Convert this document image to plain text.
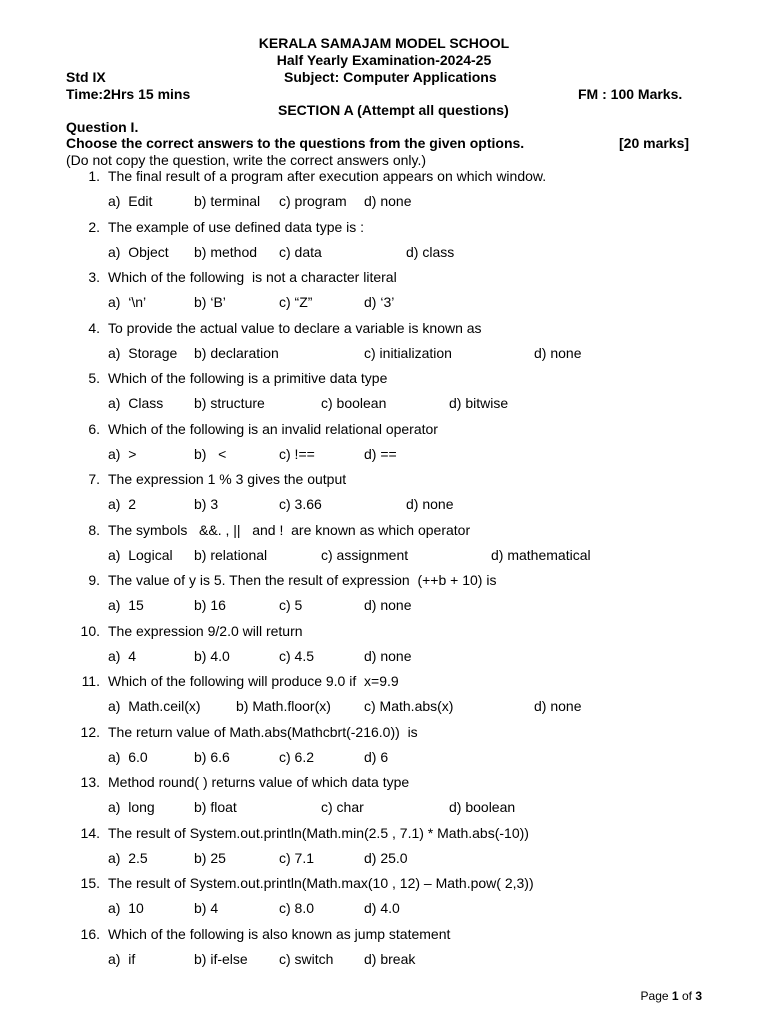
KERALA SAMAJAM MODEL SCHOOL
Half Yearly Examination-2024-25
Std IX	Subject: Computer Applications
Time:2Hrs 15 mins	FM : 100 Marks.
SECTION A (Attempt all questions)
Question I.
Choose the correct answers to the questions from the given options.	[20 marks]
(Do not copy the question, write the correct answers only.)
1. The final result of a program after execution appears on which window.
a)  Edit	b) terminal c) program d) none
2. The example of use defined data type is :
a)  Object b) method c) data	d) class
3. Which of the following  is not a character literal
a)  ‘\n’	b) ‘B’	c) “Z”	d) ‘3’
4. To provide the actual value to declare a variable is known as
a)  Storage b) declaration	c) initialization	d) none
5. Which of the following is a primitive data type
a)  Class b) structure	c) boolean	d) bitwise
6. Which of the following is an invalid relational operator
a)  >	b)   <	c) !==	d) ==
7. The expression 1 % 3 gives the output
a)  2	b) 3	c) 3.66	d) none
8. The symbols   &&. , ||   and !  are known as which operator
a)  Logical b) relational	c) assignment	d) mathematical
9. The value of y is 5. Then the result of expression  (++b + 10) is
a)  15	b) 16	c) 5	d) none
10. The expression 9/2.0 will return
a)  4	b) 4.0	c) 4.5	d) none
11. Which of the following will produce 9.0 if  x=9.9
a)  Math.ceil(x)	b) Math.floor(x) c) Math.abs(x)	d) none
12. The return value of Math.abs(Mathcbrt(-216.0))  is
a)  6.0	b) 6.6	c) 6.2	d) 6
13. Method round( ) returns value of which data type
a)  long	b) float	c) char	d) boolean
14. The result of System.out.println(Math.min(2.5 , 7.1) * Math.abs(-10))
a)  2.5	b) 25	c) 7.1	d) 25.0
15. The result of System.out.println(Math.max(10 , 12) – Math.pow( 2,3))
a)  10	b) 4	c) 8.0	d) 4.0
16. Which of the following is also known as jump statement
a)  if	b) if-else c) switch d) break
Page 1 of 3
